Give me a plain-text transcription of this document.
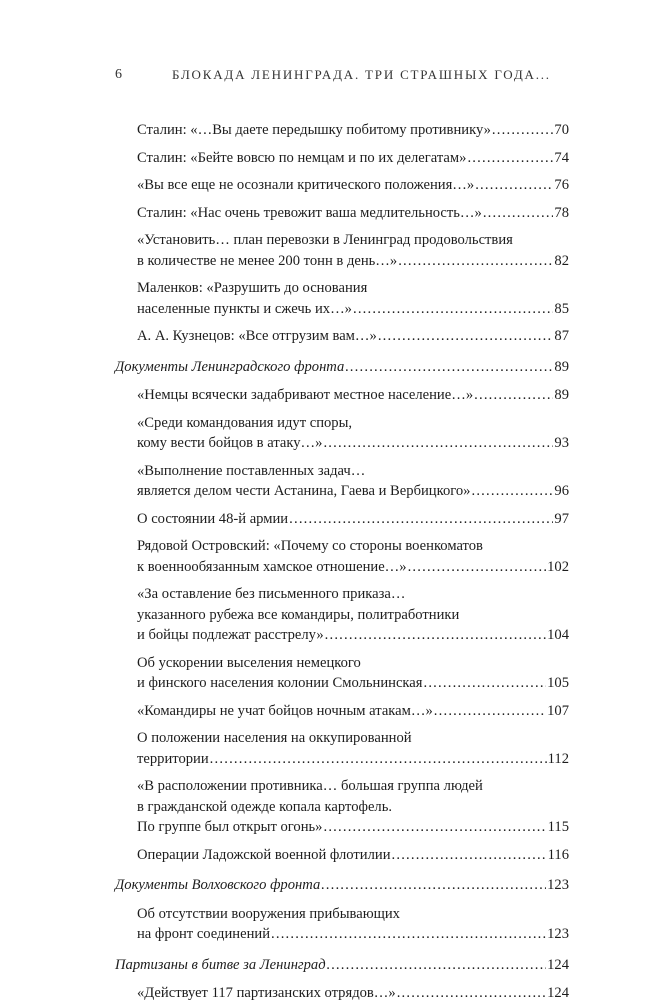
6	БЛОКАДА ЛЕНИНГРАДА. ТРИ СТРАШНЫХ ГОДА...
Сталин: «…Вы даете передышку побитому противнику» .....	70
Сталин: «Бейте вовсю по немцам и по их делегатам» .....	74
«Вы все еще не осознали критического положения…» .....	76
Сталин: «Нас очень тревожит ваша медлительность…» .....	78
«Установить… план перевозки в Ленинград продовольствия
в количестве не менее 200 тонн в день…» .....	82
Маленков: «Разрушить до основания
населенные пункты и сжечь их…» .....	85
А. А. Кузнецов: «Все отгрузим вам…» .....	87
Документы Ленинградского фронта .....	89
«Немцы всячески задабривают местное население…» .....	89
«Среди командования идут споры,
кому вести бойцов в атаку…» .....	93
«Выполнение поставленных задач…
является делом чести Астанина, Гаева и Вербицкого» .....	96
О состоянии 48-й армии .....	97
Рядовой Островский: «Почему со стороны военкоматов
к военнообязанным хамское отношение…» .....	102
«За оставление без письменного приказа…
указанного рубежа все командиры, политработники
и бойцы подлежат расстрелу» .....	104
Об ускорении выселения немецкого
и финского населения колонии Смольнинская .....	105
«Командиры не учат бойцов ночным атакам…» .....	107
О положении населения на оккупированной
территории .....	112
«В расположении противника… большая группа людей
в гражданской одежде копала картофель.
По группе был открыт огонь» .....	115
Операции Ладожской военной флотилии .....	116
Документы Волховского фронта .....	123
Об отсутствии вооружения прибывающих
на фронт соединений .....	123
Партизаны в битве за Ленинград .....	124
«Действует 117 партизанских отрядов…» .....	124
